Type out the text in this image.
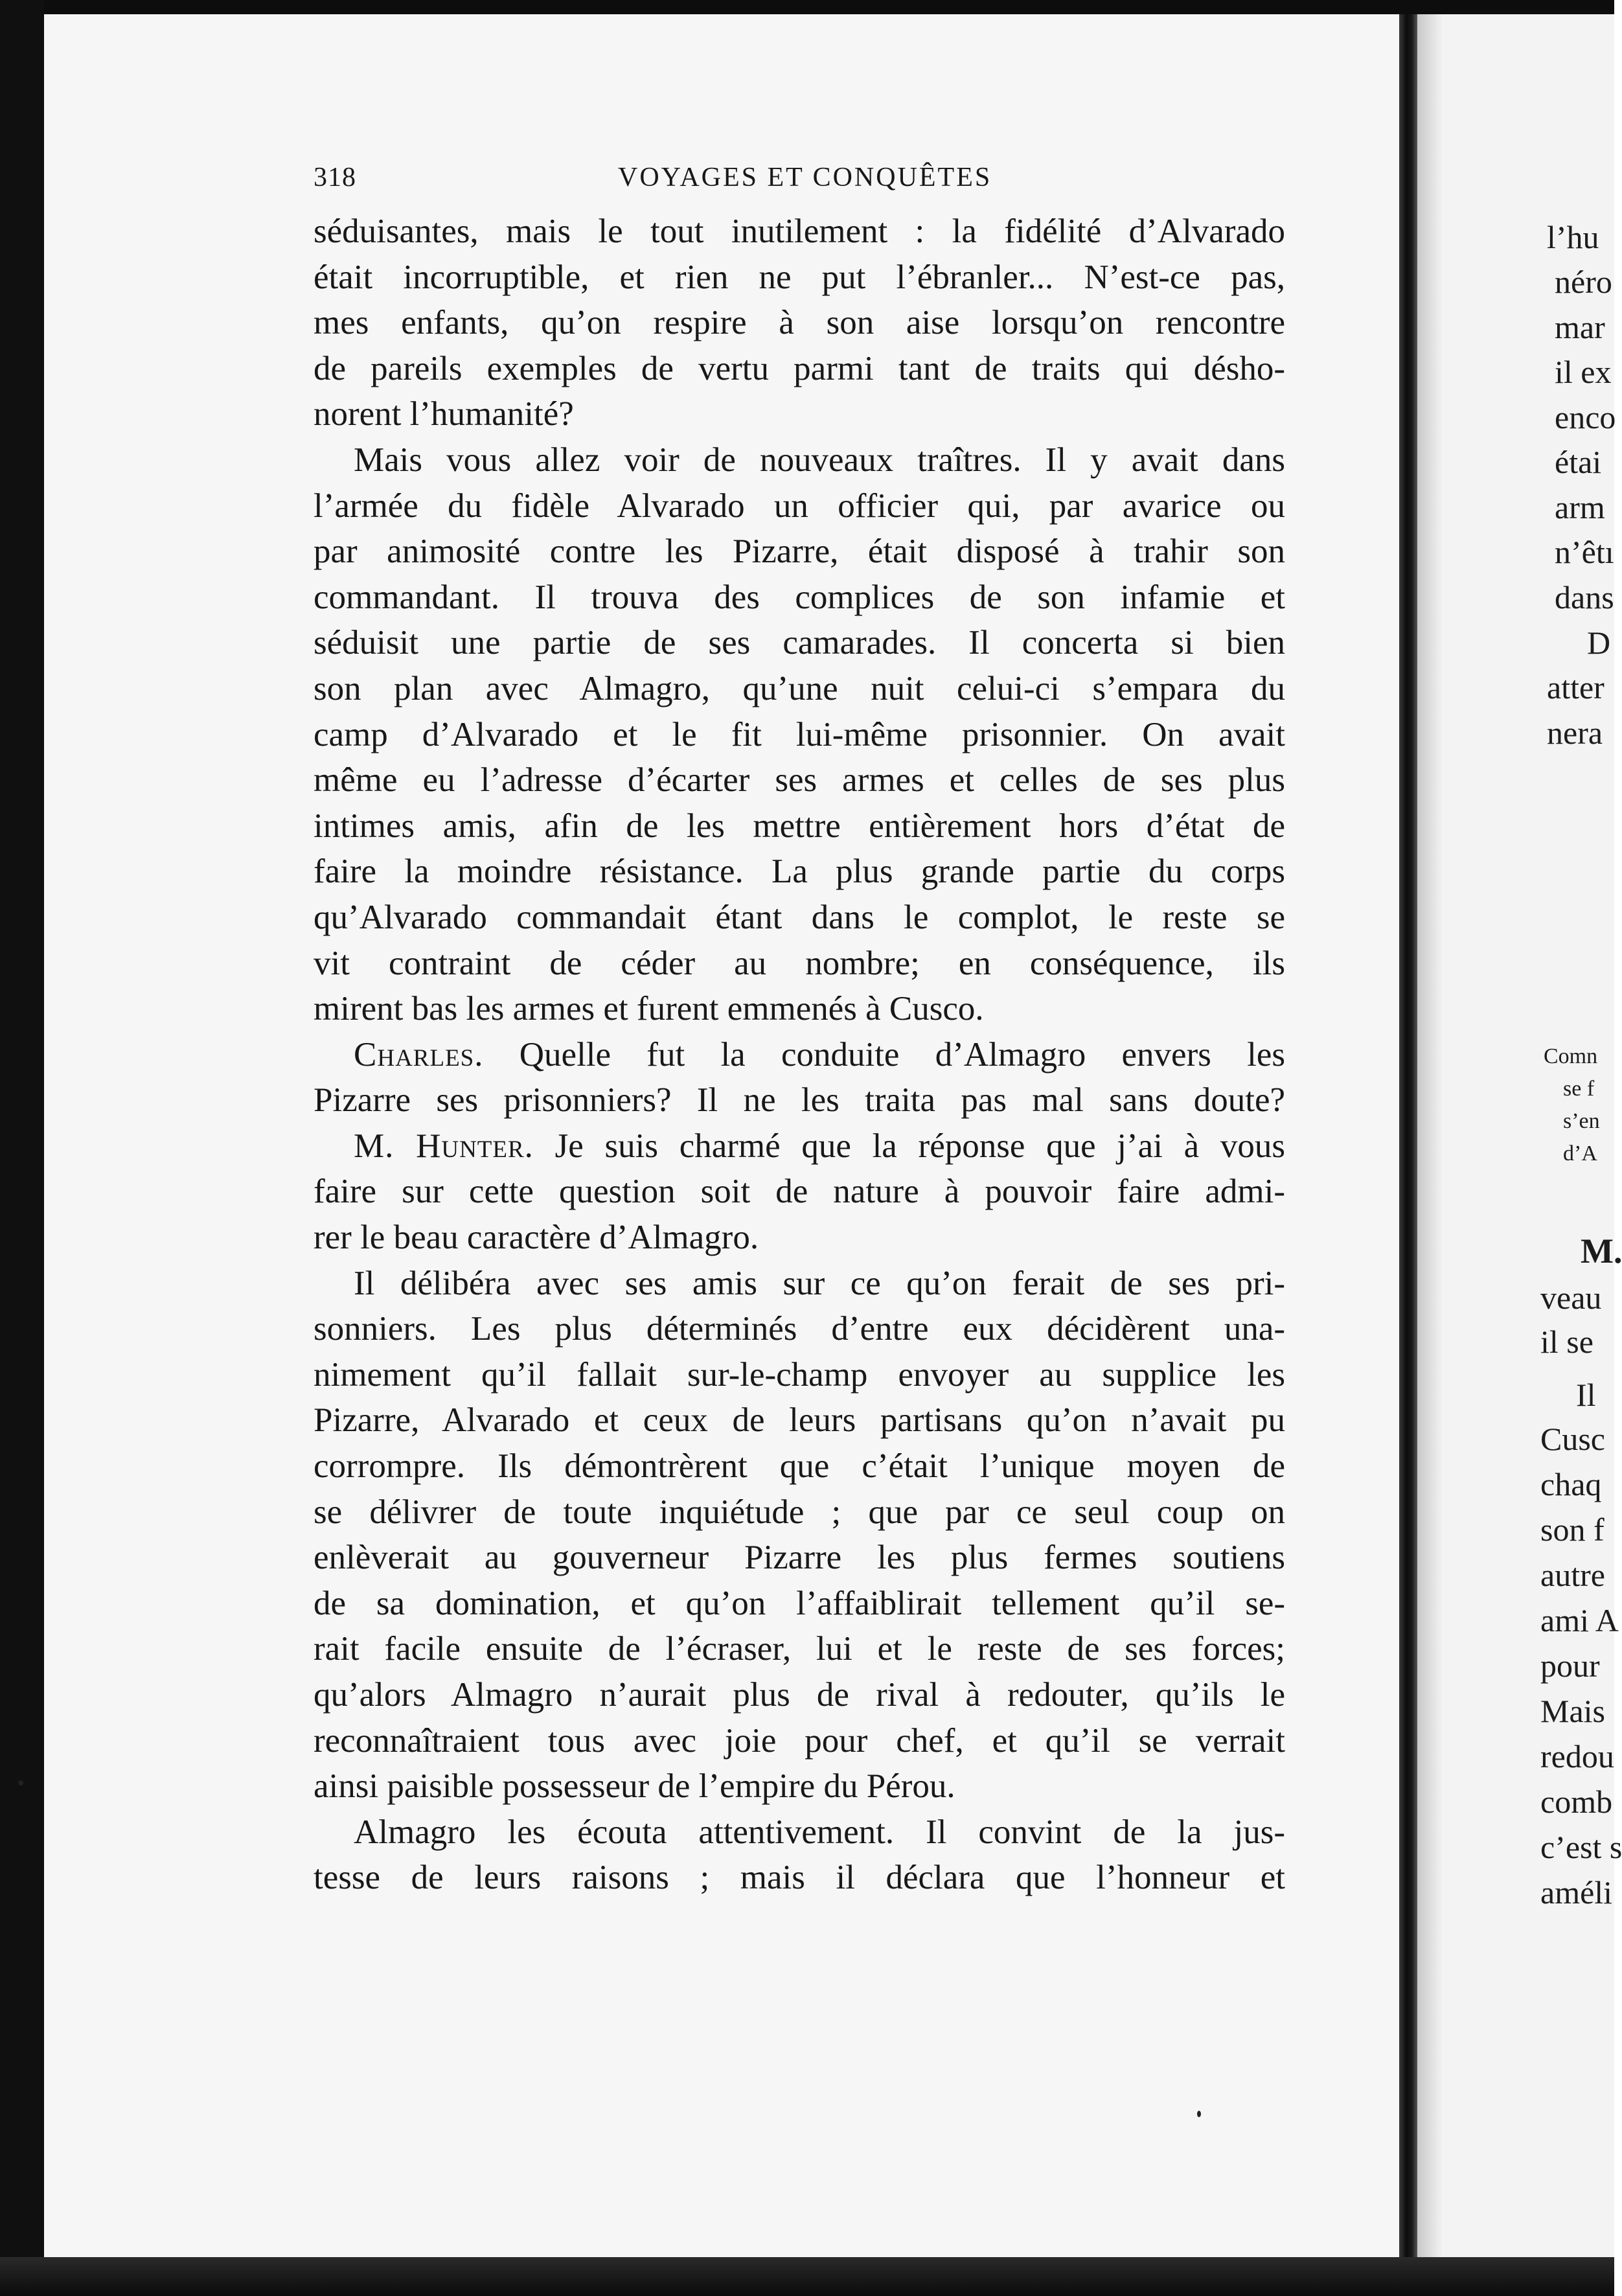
318	VOYAGES ET CONQUÊTES
séduisantes, mais le tout inutilement : la fidélité d’Alvarado
était incorruptible, et rien ne put l’ébranler... N’est-ce pas,
mes enfants, qu’on respire à son aise lorsqu’on rencontre
de pareils exemples de vertu parmi tant de traits qui désho-
norent l’humanité?
Mais vous allez voir de nouveaux traîtres. Il y avait dans
l’armée du fidèle Alvarado un officier qui, par avarice ou
par animosité contre les Pizarre, était disposé à trahir son
commandant. Il trouva des complices de son infamie et
séduisit une partie de ses camarades. Il concerta si bien
son plan avec Almagro, qu’une nuit celui-ci s’empara du
camp d’Alvarado et le fit lui-même prisonnier. On avait
même eu l’adresse d’écarter ses armes et celles de ses plus
intimes amis, afin de les mettre entièrement hors d’état de
faire la moindre résistance. La plus grande partie du corps
qu’Alvarado commandait étant dans le complot, le reste se
vit contraint de céder au nombre; en conséquence, ils
mirent bas les armes et furent emmenés à Cusco.
Charles. Quelle fut la conduite d’Almagro envers les
Pizarre ses prisonniers? Il ne les traita pas mal sans doute?
M. Hunter. Je suis charmé que la réponse que j’ai à vous
faire sur cette question soit de nature à pouvoir faire admi-
rer le beau caractère d’Almagro.
Il délibéra avec ses amis sur ce qu’on ferait de ses pri-
sonniers. Les plus déterminés d’entre eux décidèrent una-
nimement qu’il fallait sur-le-champ envoyer au supplice les
Pizarre, Alvarado et ceux de leurs partisans qu’on n’avait pu
corrompre. Ils démontrèrent que c’était l’unique moyen de
se délivrer de toute inquiétude ; que par ce seul coup on
enlèverait au gouverneur Pizarre les plus fermes soutiens
de sa domination, et qu’on l’affaiblirait tellement qu’il se-
rait facile ensuite de l’écraser, lui et le reste de ses forces;
qu’alors Almagro n’aurait plus de rival à redouter, qu’ils le
reconnaîtraient tous avec joie pour chef, et qu’il se verrait
ainsi paisible possesseur de l’empire du Pérou.
Almagro les écouta attentivement. Il convint de la jus-
tesse de leurs raisons ; mais il déclara que l’honneur et
l’hu
néro
mar
il ex
enco
étai
arm
n’êtı
dans
D
atter
nera
Comn
se f
s’en
d’A
M.
veau
il se
Il
Cusc
chaq
son f
autre
ami A
pour
Mais
redou
comb
c’est s
améli
